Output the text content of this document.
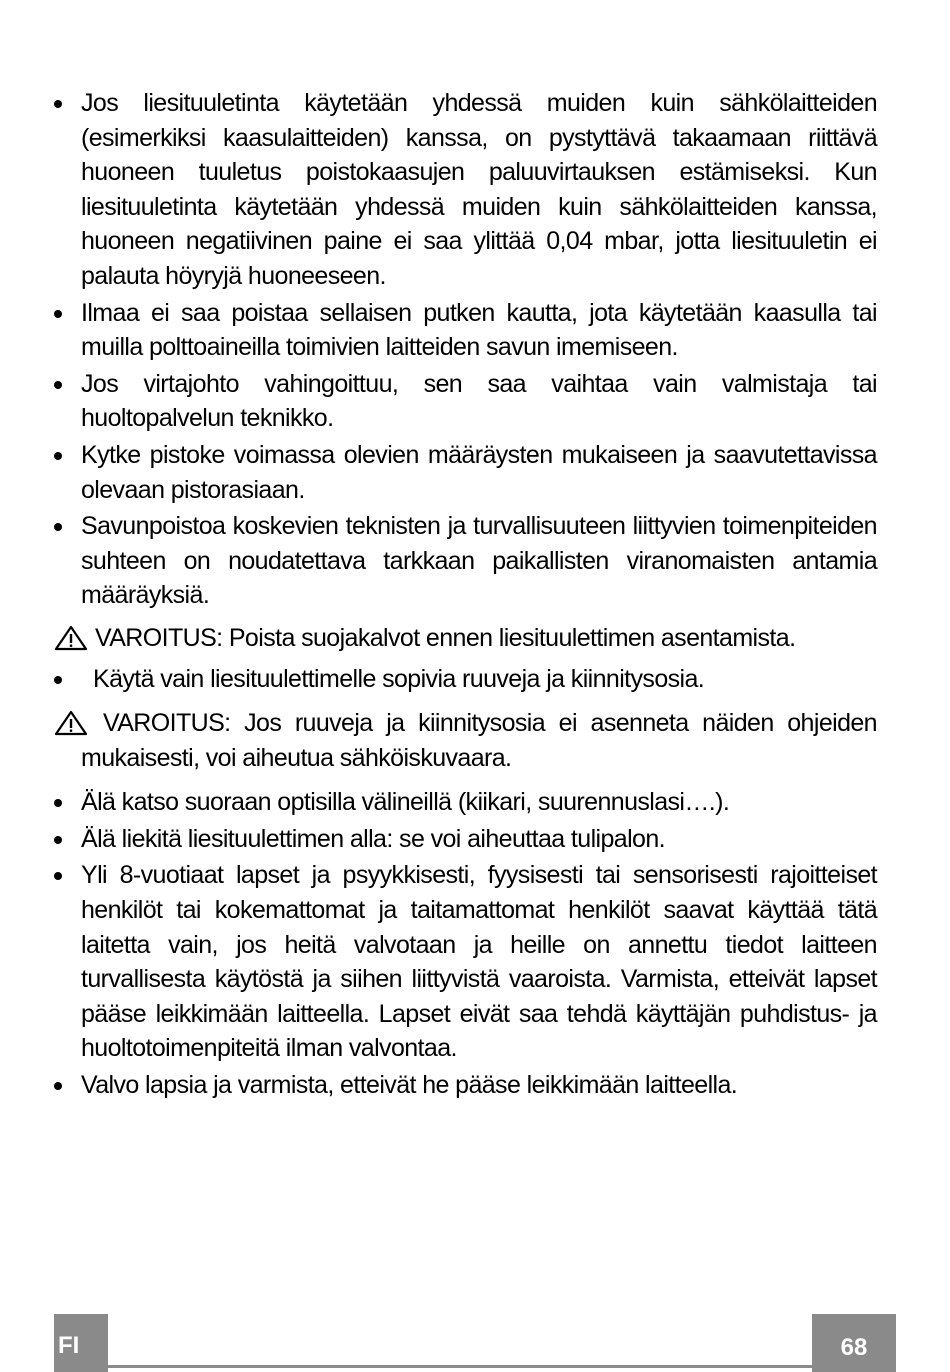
Jos liesituuletinta käytetään yhdessä muiden kuin sähkölaitteiden (esimerkiksi kaasulaitteiden) kanssa, on pystyttävä takaamaan riittävä huoneen tuuletus poistokaasujen paluuvirtauksen estämiseksi. Kun liesituuletinta käytetään yhdessä muiden kuin sähkölaitteiden kanssa, huoneen negatiivinen paine ei saa ylittää 0,04 mbar, jotta liesituuletin ei palauta höyryjä huoneeseen.

Ilmaa ei saa poistaa sellaisen putken kautta, jota käytetään kaasulla tai muilla polttoaineilla toimivien laitteiden savun imemiseen.

Jos virtajohto vahingoittuu, sen saa vaihtaa vain valmistaja tai huoltopalvelun teknikko.

Kytke pistoke voimassa olevien määräysten mukaiseen ja saavutettavissa olevaan pistorasiaan.

Savunpoistoa koskevien teknisten ja turvallisuuteen liittyvien toimenpiteiden suhteen on noudatettava tarkkaan paikallisten viranomaisten antamia määräyksiä.

VAROITUS: Poista suojakalvot ennen liesituulettimen asentamista.

Käytä vain liesituulettimelle sopivia ruuveja ja kiinnitysosia.

VAROITUS: Jos ruuveja ja kiinnitysosia ei asenneta näiden ohjeiden mukaisesti, voi aiheutua sähköiskuvaara.

Älä katso suoraan optisilla välineillä (kiikari, suurennuslasi….).

Älä liekitä liesituulettimen alla: se voi aiheuttaa tulipalon.

Yli 8-vuotiaat lapset ja psyykkisesti, fyysisesti tai sensorisesti rajoitteiset henkilöt tai kokemattomat ja taitamattomat henkilöt saavat käyttää tätä laitetta vain, jos heitä valvotaan ja heille on annettu tiedot laitteen turvallisesta käytöstä ja siihen liittyvistä vaaroista. Varmista, etteivät lapset pääse leikkimään laitteella. Lapset eivät saa tehdä käyttäjän puhdistus- ja huoltotoimenpiteitä ilman valvontaa.

Valvo lapsia ja varmista, etteivät he pääse leikkimään laitteella.

FI	68
